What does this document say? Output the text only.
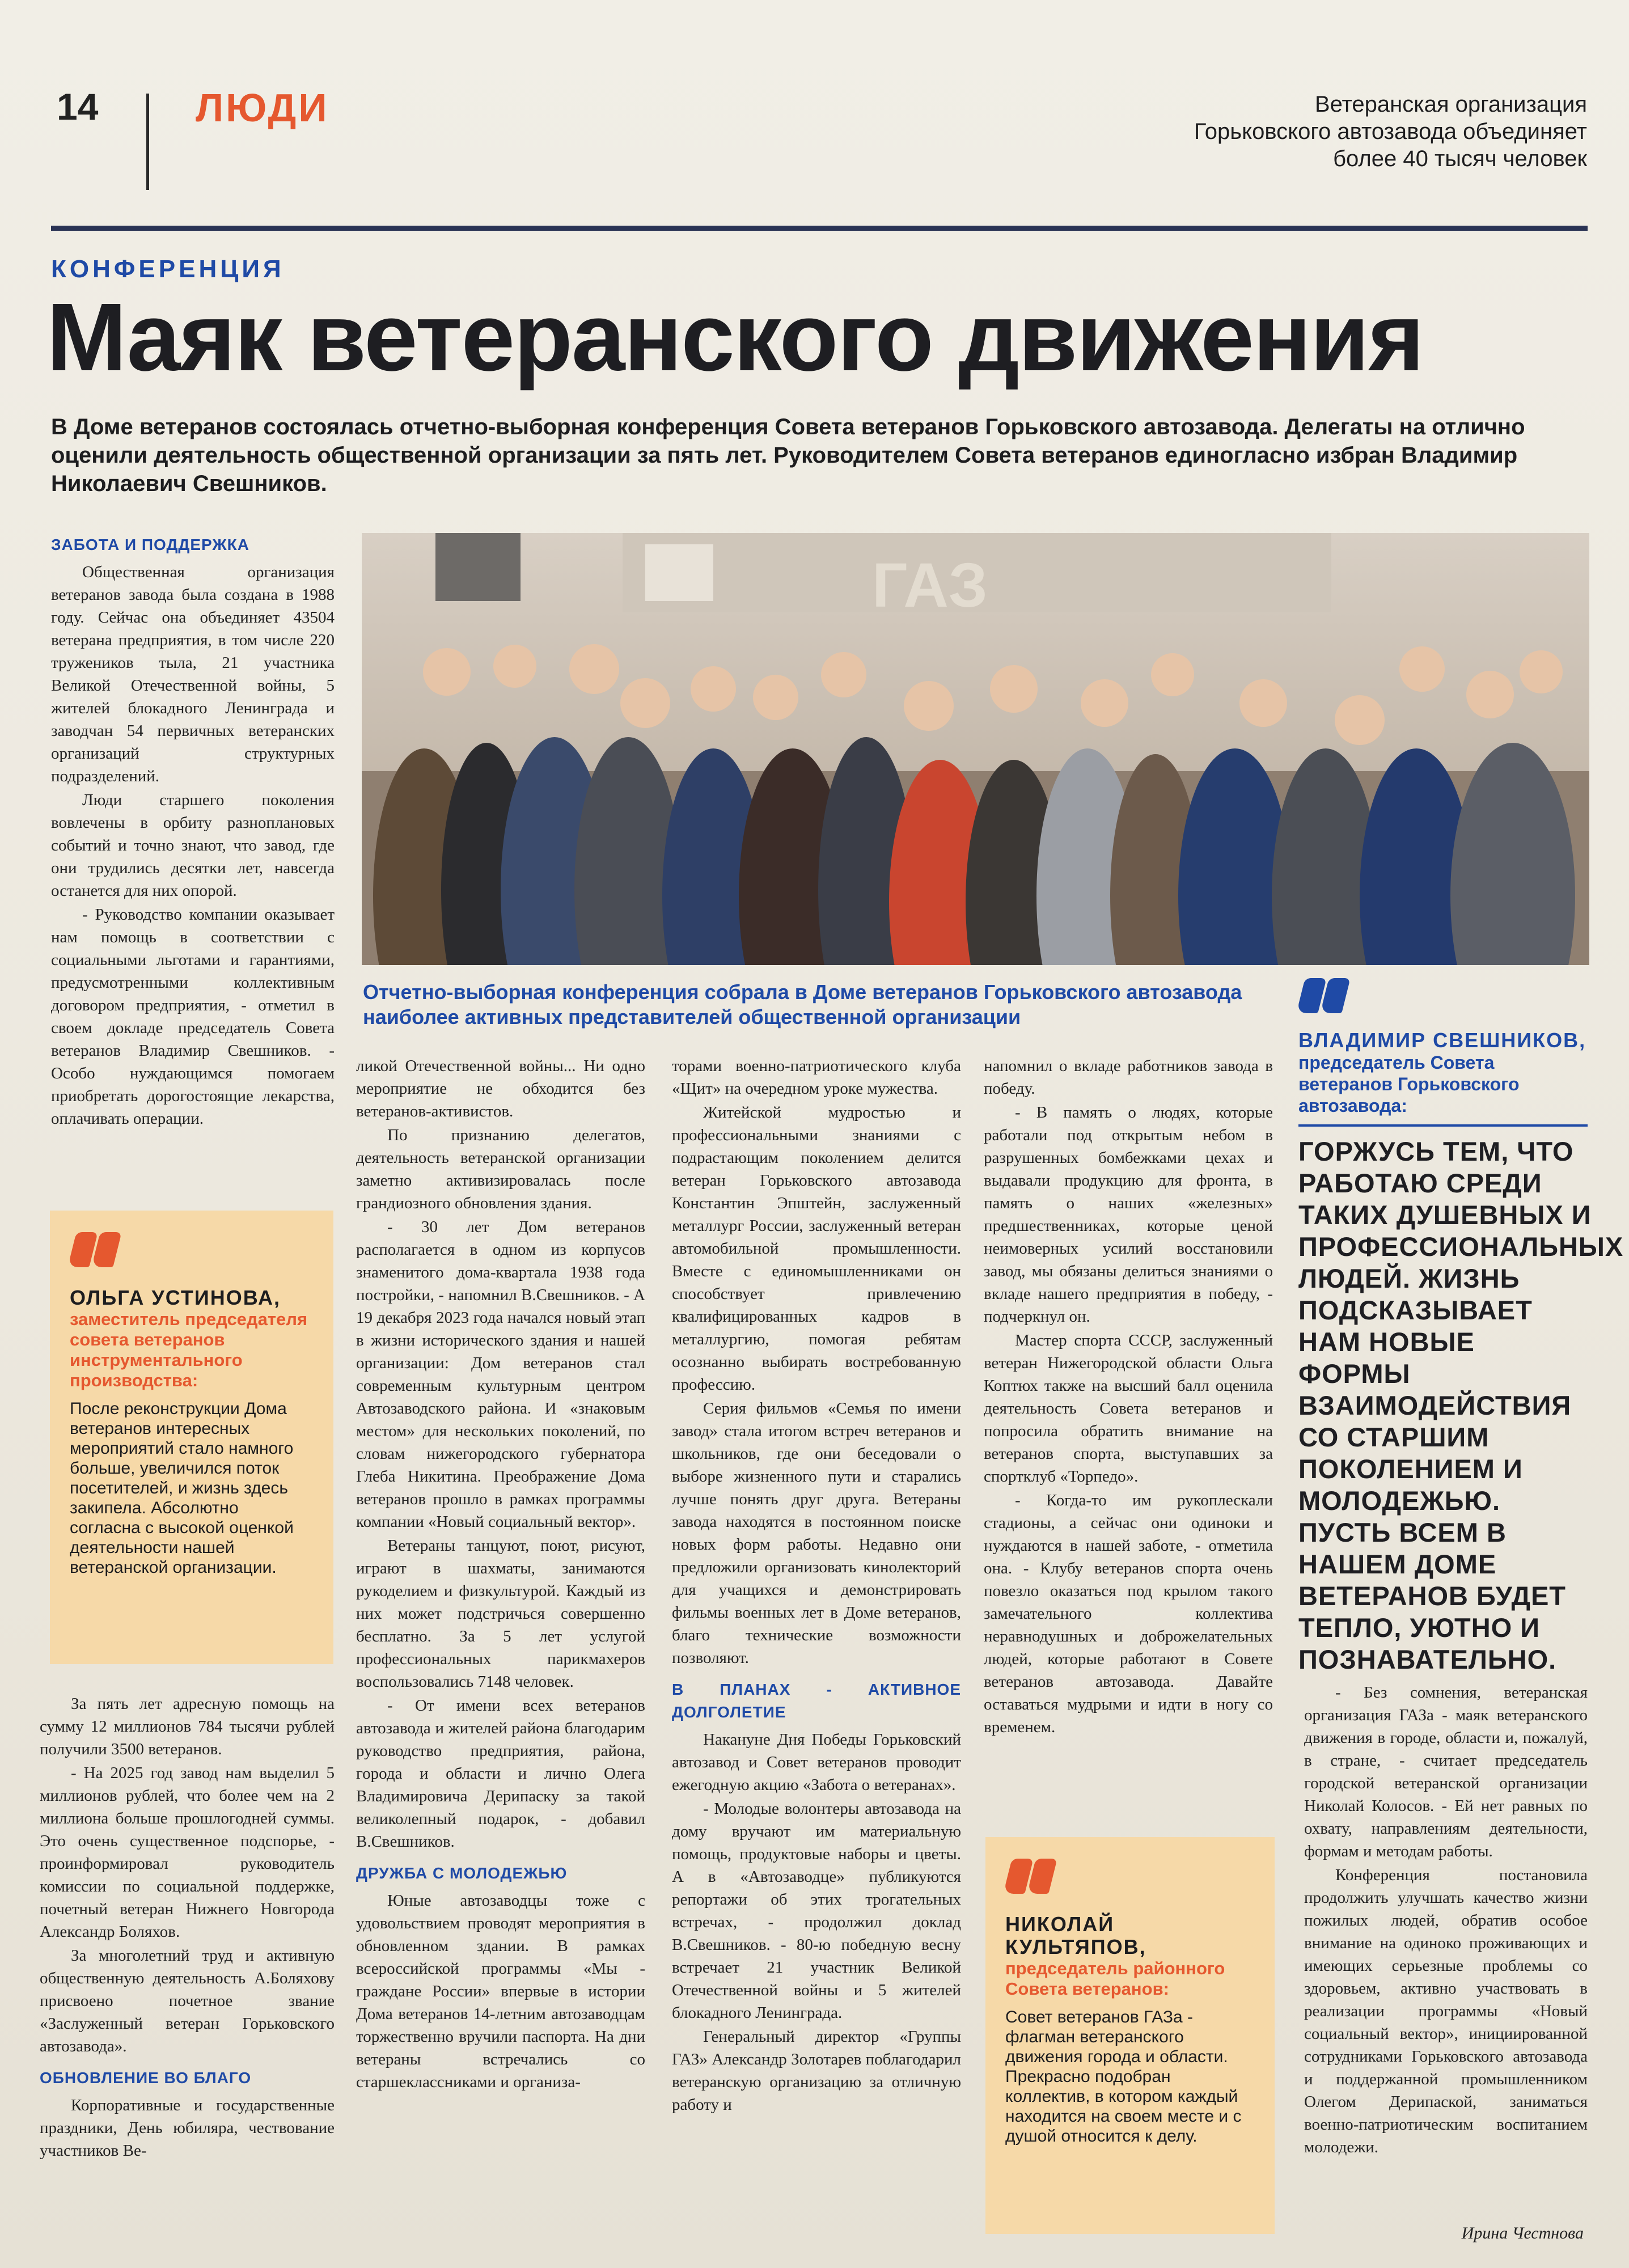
14 ЛЮДИ	Ветеранская организация Горьковского автозавода объединяет более 40 тысяч человек
КОНФЕРЕНЦИЯ
Маяк ветеранского движения
В Доме ветеранов состоялась отчетно-выборная конференция Совета ветеранов Горьковского автозавода. Делегаты на отлично оценили деятельность общественной организации за пять лет. Руководителем Совета ветеранов единогласно избран Владимир Николаевич Свешников.
ЗАБОТА И ПОДДЕРЖКА

Общественная организация ветеранов завода была создана в 1988 году. Сейчас она объединяет 43504 ветерана предприятия, в том числе 220 тружеников тыла, 21 участника Великой Отечественной войны, 5 жителей блокадного Ленинграда и заводчан 54 первичных ветеранских организаций структурных подразделений.

Люди старшего поколения вовлечены в орбиту разноплановых событий и точно знают, что завод, где они трудились десятки лет, навсегда останется для них опорой.

- Руководство компании оказывает нам помощь в соответствии с социальными льготами и гарантиями, предусмотренными коллективным договором предприятия, - отметил в своем докладе председатель Совета ветеранов Владимир Свешников. - Особо нуждающимся помогаем приобретать дорогостоящие лекарства, оплачивать операции.

ОЛЬГА УСТИНОВА,
заместитель председателя совета ветеранов инструментального производства:
После реконструкции Дома ветеранов интересных мероприятий стало намного больше, увеличился поток посетителей, и жизнь здесь закипела. Абсолютно согласна с высокой оценкой деятельности нашей ветеранской организации.

За пять лет адресную помощь на сумму 12 миллионов 784 тысячи рублей получили 3500 ветеранов.

- На 2025 год завод нам выделил 5 миллионов рублей, что более чем на 2 миллиона больше прошлогодней суммы. Это очень существенное подспорье, - проинформировал руководитель комиссии по социальной поддержке, почетный ветеран Нижнего Новгорода Александр Боляхов.

За многолетний труд и активную общественную деятельность А.Боляхову присвоено почетное звание «Заслуженный ветеран Горьковского автозавода».

ОБНОВЛЕНИЕ ВО БЛАГО

Корпоративные и государственные праздники, День юбиляра, чествование участников Ве-

ГАЗ
Отчетно-выборная конференция собрала в Доме ветеранов Горьковского автозавода наиболее активных представителей общественной организации

ликой Отечественной войны... Ни одно мероприятие не обходится без ветеранов-активистов.

По признанию делегатов, деятельность ветеранской организации заметно активизировалась после грандиозного обновления здания.

- 30 лет Дом ветеранов располагается в одном из корпусов знаменитого дома-квартала 1938 года постройки, - напомнил В.Свешников. - А 19 декабря 2023 года начался новый этап в жизни исторического здания и нашей организации: Дом ветеранов стал современным культурным центром Автозаводского района. И «знаковым местом» для нескольких поколений, по словам нижегородского губернатора Глеба Никитина. Преображение Дома ветеранов прошло в рамках программы компании «Новый социальный вектор».

Ветераны танцуют, поют, рисуют, играют в шахматы, занимаются рукоделием и физкультурой. Каждый из них может подстричься совершенно бесплатно. За 5 лет услугой профессиональных парикмахеров воспользовались 7148 человек.

- От имени всех ветеранов автозавода и жителей района благодарим руководство предприятия, района, города и области и лично Олега Владимировича Дерипаску за такой великолепный подарок, - добавил В.Свешников.

ДРУЖБА С МОЛОДЕЖЬЮ

Юные автозаводцы тоже с удовольствием проводят мероприятия в обновленном здании. В рамках всероссийской программы «Мы - граждане России» впервые в истории Дома ветеранов 14-летним автозаводцам торжественно вручили паспорта. На дни ветераны встречались со старшеклассниками и организа-

торами военно-патриотического клуба «Щит» на очередном уроке мужества.

Житейской мудростью и профессиональными знаниями с подрастающим поколением делится ветеран Горьковского автозавода Константин Эпштейн, заслуженный металлург России, заслуженный ветеран автомобильной промышленности. Вместе с единомышленниками он способствует привлечению квалифицированных кадров в металлургию, помогая ребятам осознанно выбирать востребованную профессию.

Серия фильмов «Семья по имени завод» стала итогом встреч ветеранов и школьников, где они беседовали о выборе жизненного пути и старались лучше понять друг друга. Ветераны завода находятся в постоянном поиске новых форм работы. Недавно они предложили организовать кинолекторий для учащихся и демонстрировать фильмы военных лет в Доме ветеранов, благо технические возможности позволяют.

В ПЛАНАХ - АКТИВНОЕ ДОЛГОЛЕТИЕ

Накануне Дня Победы Горьковский автозавод и Совет ветеранов проводит ежегодную акцию «Забота о ветеранах».

- Молодые волонтеры автозавода на дому вручают им материальную помощь, продуктовые наборы и цветы. А в «Автозаводце» публикуются репортажи об этих трогательных встречах, - продолжил доклад В.Свешников. - 80-ю победную весну встречает 21 участник Великой Отечественной войны и 5 жителей блокадного Ленинграда.

Генеральный директор «Группы ГАЗ» Александр Золотарев поблагодарил ветеранскую организацию за отличную работу и

напомнил о вкладе работников завода в победу.

- В память о людях, которые работали под открытым небом в разрушенных бомбежками цехах и выдавали продукцию для фронта, в память о наших «железных» предшественниках, которые ценой неимоверных усилий восстановили завод, мы обязаны делиться знаниями о вкладе нашего предприятия в победу, - подчеркнул он.

Мастер спорта СССР, заслуженный ветеран Нижегородской области Ольга Коптюх также на высший балл оценила деятельность Совета ветеранов и попросила обратить внимание на ветеранов спорта, выступавших за спортклуб «Торпедо».

- Когда-то им рукоплескали стадионы, а сейчас они одиноки и нуждаются в нашей заботе, - отметила она. - Клубу ветеранов спорта очень повезло оказаться под крылом такого замечательного коллектива неравнодушных и доброжелательных людей, которые работают в Совете ветеранов автозавода. Давайте оставаться мудрыми и идти в ногу со временем.

НИКОЛАЙ КУЛЬТЯПОВ,
председатель районного Совета ветеранов:
Совет ветеранов ГАЗа - флагман ветеранского движения города и области. Прекрасно подобран коллектив, в котором каждый находится на своем месте и с душой относится к делу.
ВЛАДИМИР СВЕШНИКОВ,
председатель Совета ветеранов Горьковского автозавода:
ГОРЖУСЬ ТЕМ, ЧТО РАБОТАЮ СРЕДИ ТАКИХ ДУШЕВНЫХ И ПРОФЕССИОНАЛЬНЫХ ЛЮДЕЙ. ЖИЗНЬ ПОДСКАЗЫВАЕТ НАМ НОВЫЕ ФОРМЫ ВЗАИМОДЕЙСТВИЯ СО СТАРШИМ ПОКОЛЕНИЕМ И МОЛОДЕЖЬЮ. ПУСТЬ ВСЕМ В НАШЕМ ДОМЕ ВЕТЕРАНОВ БУДЕТ ТЕПЛО, УЮТНО И ПОЗНАВАТЕЛЬНО.

- Без сомнения, ветеранская организация ГАЗа - маяк ветеранского движения в городе, области и, пожалуй, в стране, - считает председатель городской ветеранской организации Николай Колосов. - Ей нет равных по охвату, направлениям деятельности, формам и методам работы.

Конференция постановила продолжить улучшать качество жизни пожилых людей, обратив особое внимание на одиноко проживающих и имеющих серьезные проблемы со здоровьем, активно участвовать в реализации программы «Новый социальный вектор», инициированной сотрудниками Горьковского автозавода и поддержанной промышленником Олегом Дерипаской, заниматься военно-патриотическим воспитанием молодежи.

Ирина Честнова
